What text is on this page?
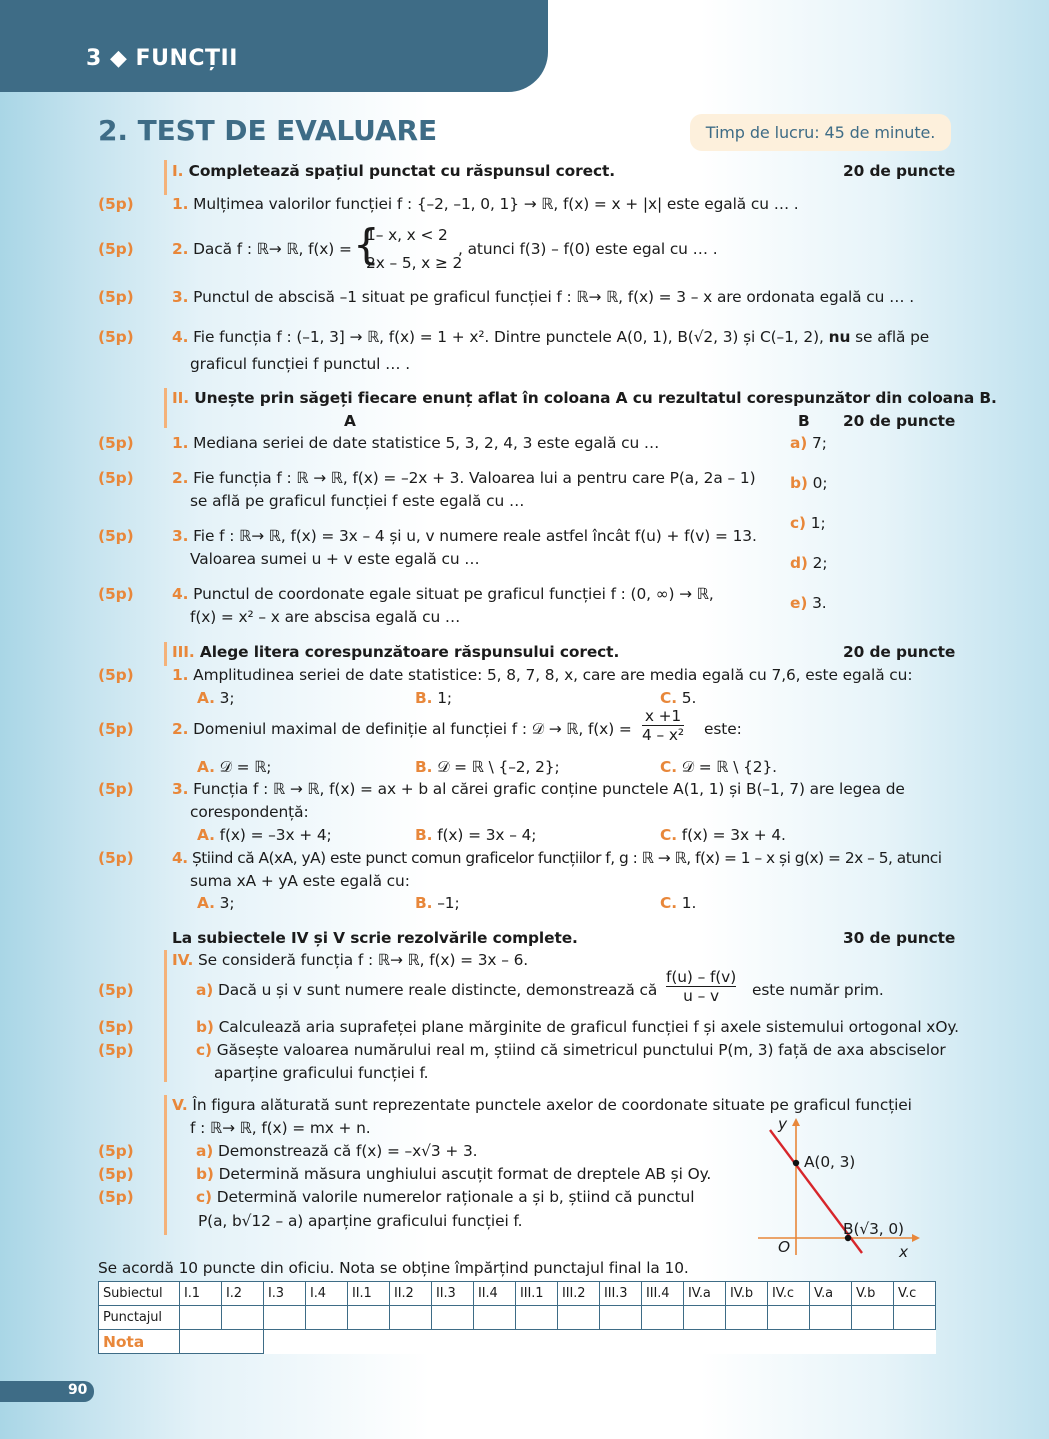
3 ◆ FUNCȚII
2. TEST DE EVALUARE	Timp de lucru: 45 de minute.
I. Completează spațiul punctat cu răspunsul corect.	20 de puncte
(5p) 1. Mulțimea valorilor funcției f : {–2, –1, 0, 1} → ℝ, f(x) = x + |x| este egală cu … .
(5p) 2. Dacă f : ℝ→ ℝ, f(x) = {
1– x, x < 2
2x – 5, x ≥ 2
, atunci f(3) – f(0) este egal cu … .
(5p) 3. Punctul de abscisă –1 situat pe graficul funcției f : ℝ→ ℝ, f(x) = 3 – x are ordonata egală cu … .
(5p) 4. Fie funcția f : (–1, 3] → ℝ, f(x) = 1 + x². Dintre punctele A(0, 1), B(√2, 3) și C(–1, 2), nu se află pe
graficul funcției f punctul … .
II. Unește prin săgeți fiecare enunț aflat în coloana A cu rezultatul corespunzător din coloana B.
A	B 20 de puncte
(5p) 1. Mediana seriei de date statistice 5, 3, 2, 4, 3 este egală cu …
(5p) 2. Fie funcția f : ℝ → ℝ, f(x) = –2x + 3. Valoarea lui a pentru care P(a, 2a – 1)
se află pe graficul funcției f este egală cu …
(5p) 3. Fie f : ℝ→ ℝ, f(x) = 3x – 4 și u, v numere reale astfel încât f(u) + f(v) = 13.
Valoarea sumei u + v este egală cu …
(5p) 4. Punctul de coordonate egale situat pe graficul funcției f : (0, ∞) → ℝ,
f(x) = x² – x are abscisa egală cu …
a) 7;
b) 0;
c) 1;
d) 2;
e) 3.
III. Alege litera corespunzătoare răspunsului corect.	20 de puncte
(5p) 1. Amplitudinea seriei de date statistice: 5, 8, 7, 8, x, care are media egală cu 7,6, este egală cu:
A. 3;	B. 1;	C. 5.
(5p) 2. Domeniul maximal de definiție al funcției f : 𝒟 → ℝ, $f(x) = \frac{x +1}{\text{4 – x²}}$ este:
A. 𝒟 = ℝ;	B. 𝒟 = ℝ \ {–2, 2};	C. 𝒟 = ℝ \ {2}.
(5p) 3. Funcția f : ℝ → ℝ, f(x) = ax + b al cărei grafic conține punctele A(1, 1) și B(–1, 7) are legea de
corespondență:
A. f(x) = –3x + 4;	B. f(x) = 3x – 4;	C. f(x) = 3x + 4.
(5p) 4. Știind că A(xA, yA) este punct comun graficelor funcțiilor f, g : ℝ → ℝ, f(x) = 1 – x și g(x) = 2x – 5, atunci
suma xA + yA este egală cu:
A. 3;	B. –1;	C. 1.
La subiectele IV și V scrie rezolvările complete.	30 de puncte
IV. Se consideră funcția f : ℝ→ ℝ, f(x) = 3x – 6.
(5p)	a) Dacă u și v sunt numere reale distincte, demonstrează că $\frac{f(u) - f(v)}{u - v}$ este număr prim.
(5p)	b) Calculează aria suprafeței plane mărginite de graficul funcției f și axele sistemului ortogonal xOy.
(5p)	c) Găsește valoarea numărului real m, știind că simetricul punctului P(m, 3) față de axa absciselor
aparține graficului funcției f.
V. În figura alăturată sunt reprezentate punctele axelor de coordonate situate pe graficul funcției
f : ℝ→ ℝ, f(x) = mx + n.
(5p)	a) Demonstrează că f(x) = –x√3 + 3.
(5p)	b) Determină măsura unghiului ascuțit format de dreptele AB și Oy.
(5p)	c) Determină valorile numerelor raționale a și b, știind că punctul
P(a, b√12 – a) aparține graficului funcției f.
y
x
O
A(0, 3)
B(√3, 0)
Se acordă 10 puncte din oficiu. Nota se obține împărțind punctajul final la 10.
Subiectul	I.1	I.2	I.3	I.4	II.1	II.2	II.3	II.4	III.1	III.2	III.3	III.4	IV.a	IV.b	IV.c	V.a	V.b	V.c
Punctajul																		
Nota																		
90
